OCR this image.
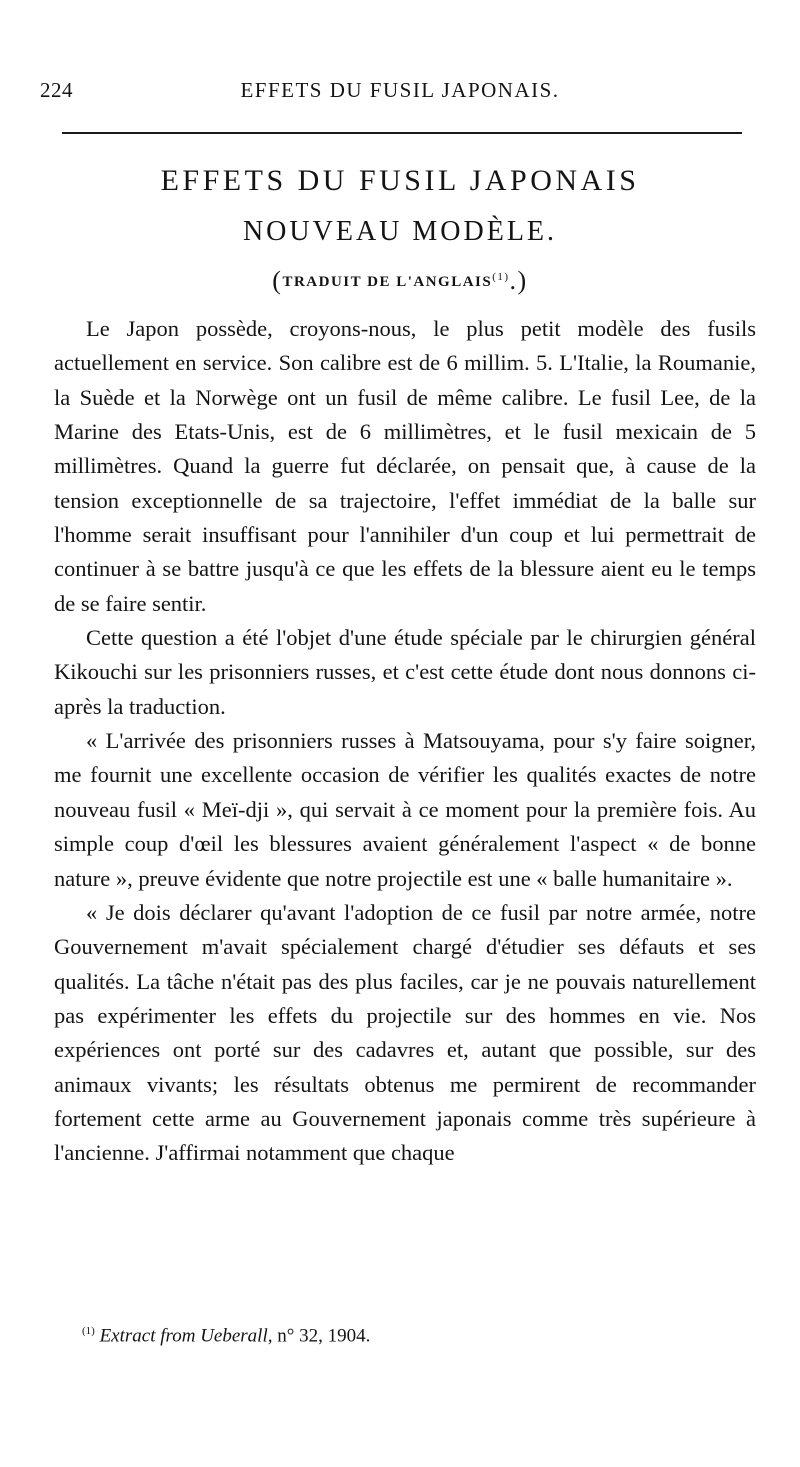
224	EFFETS DU FUSIL JAPONAIS.
EFFETS DU FUSIL JAPONAIS
NOUVEAU MODÈLE.
(TRADUIT DE L'ANGLAIS$^{(1)}$.)

Le Japon possède, croyons-nous, le plus petit modèle des fusils actuellement en service. Son calibre est de 6 millim. 5. L'Italie, la Roumanie, la Suède et la Norwège ont un fusil de même calibre. Le fusil Lee, de la Marine des Etats-Unis, est de 6 millimètres, et le fusil mexicain de 5 millimètres. Quand la guerre fut déclarée, on pensait que, à cause de la tension exceptionnelle de sa trajectoire, l'effet immédiat de la balle sur l'homme serait insuffisant pour l'annihiler d'un coup et lui permettrait de continuer à se battre jusqu'à ce que les effets de la blessure aient eu le temps de se faire sentir.

Cette question a été l'objet d'une étude spéciale par le chirurgien général Kikouchi sur les prisonniers russes, et c'est cette étude dont nous donnons ci-après la traduction.

« L'arrivée des prisonniers russes à Matsouyama, pour s'y faire soigner, me fournit une excellente occasion de vérifier les qualités exactes de notre nouveau fusil « Meï-dji », qui servait à ce moment pour la première fois. Au simple coup d'œil les blessures avaient généralement l'aspect « de bonne nature », preuve évidente que notre projectile est une « balle humanitaire ».

« Je dois déclarer qu'avant l'adoption de ce fusil par notre armée, notre Gouvernement m'avait spécialement chargé d'étudier ses défauts et ses qualités. La tâche n'était pas des plus faciles, car je ne pouvais naturellement pas expérimenter les effets du projectile sur des hommes en vie. Nos expériences ont porté sur des cadavres et, autant que possible, sur des animaux vivants; les résultats obtenus me permirent de recommander fortement cette arme au Gouvernement japonais comme très supérieure à l'ancienne. J'affirmai notamment que chaque

$^{(1)}$ Extract from Ueberall, n° 32, 1904.
